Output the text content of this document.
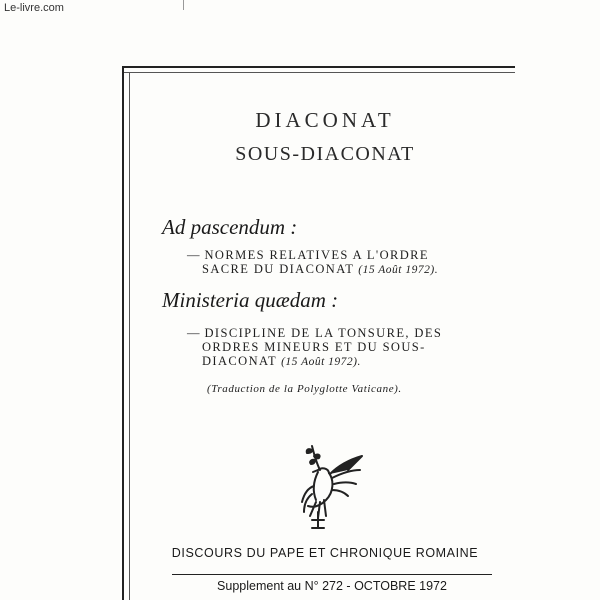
Le-livre.com
DIACONAT
SOUS-DIACONAT
Ad pascendum :
— NORMES RELATIVES A L'ORDRE
SACRE DU DIACONAT (15 Août 1972).
Ministeria quædam :
— DISCIPLINE DE LA TONSURE, DES
ORDRES MINEURS ET DU SOUS-
DIACONAT (15 Août 1972).
(Traduction de la Polyglotte Vaticane).
DISCOURS DU PAPE ET CHRONIQUE ROMAINE
Supplement au N° 272 - OCTOBRE 1972
